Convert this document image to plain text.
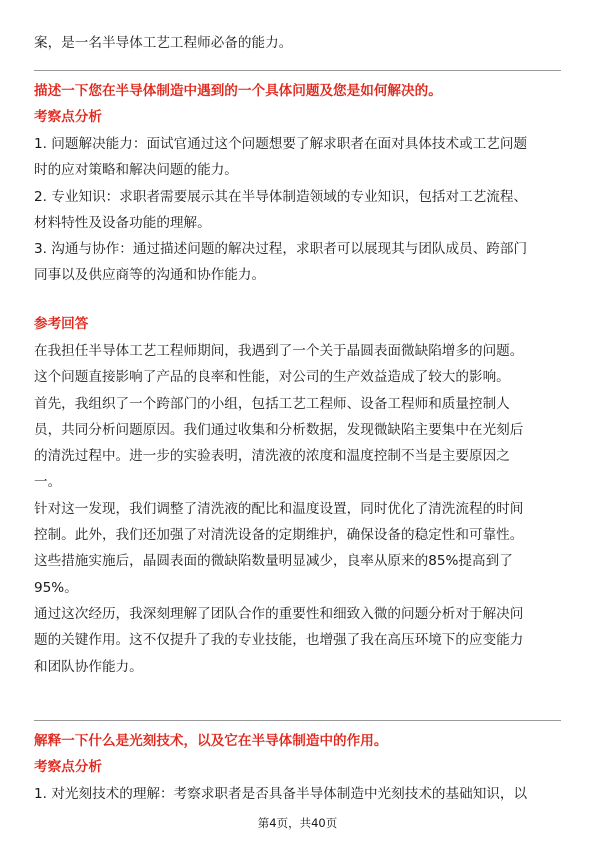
案，是一名半导体工艺工程师必备的能力。

描述一下您在半导体制造中遇到的一个具体问题及您是如何解决的。

考察点分析

1. 问题解决能力：面试官通过这个问题想要了解求职者在面对具体技术或工艺问题
时的应对策略和解决问题的能力。
2. 专业知识：求职者需要展示其在半导体制造领域的专业知识，包括对工艺流程、
材料特性及设备功能的理解。
3. 沟通与协作：通过描述问题的解决过程，求职者可以展现其与团队成员、跨部门
同事以及供应商等的沟通和协作能力。

参考回答

在我担任半导体工艺工程师期间，我遇到了一个关于晶圆表面微缺陷增多的问题。
这个问题直接影响了产品的良率和性能，对公司的生产效益造成了较大的影响。
首先，我组织了一个跨部门的小组，包括工艺工程师、设备工程师和质量控制人
员，共同分析问题原因。我们通过收集和分析数据，发现微缺陷主要集中在光刻后
的清洗过程中。进一步的实验表明，清洗液的浓度和温度控制不当是主要原因之
一。
针对这一发现，我们调整了清洗液的配比和温度设置，同时优化了清洗流程的时间
控制。此外，我们还加强了对清洗设备的定期维护，确保设备的稳定性和可靠性。
这些措施实施后，晶圆表面的微缺陷数量明显减少，良率从原来的85%提高到了
95%。
通过这次经历，我深刻理解了团队合作的重要性和细致入微的问题分析对于解决问
题的关键作用。这不仅提升了我的专业技能，也增强了我在高压环境下的应变能力
和团队协作能力。

解释一下什么是光刻技术，以及它在半导体制造中的作用。

考察点分析

1. 对光刻技术的理解：考察求职者是否具备半导体制造中光刻技术的基础知识，以

第4页，共40页
